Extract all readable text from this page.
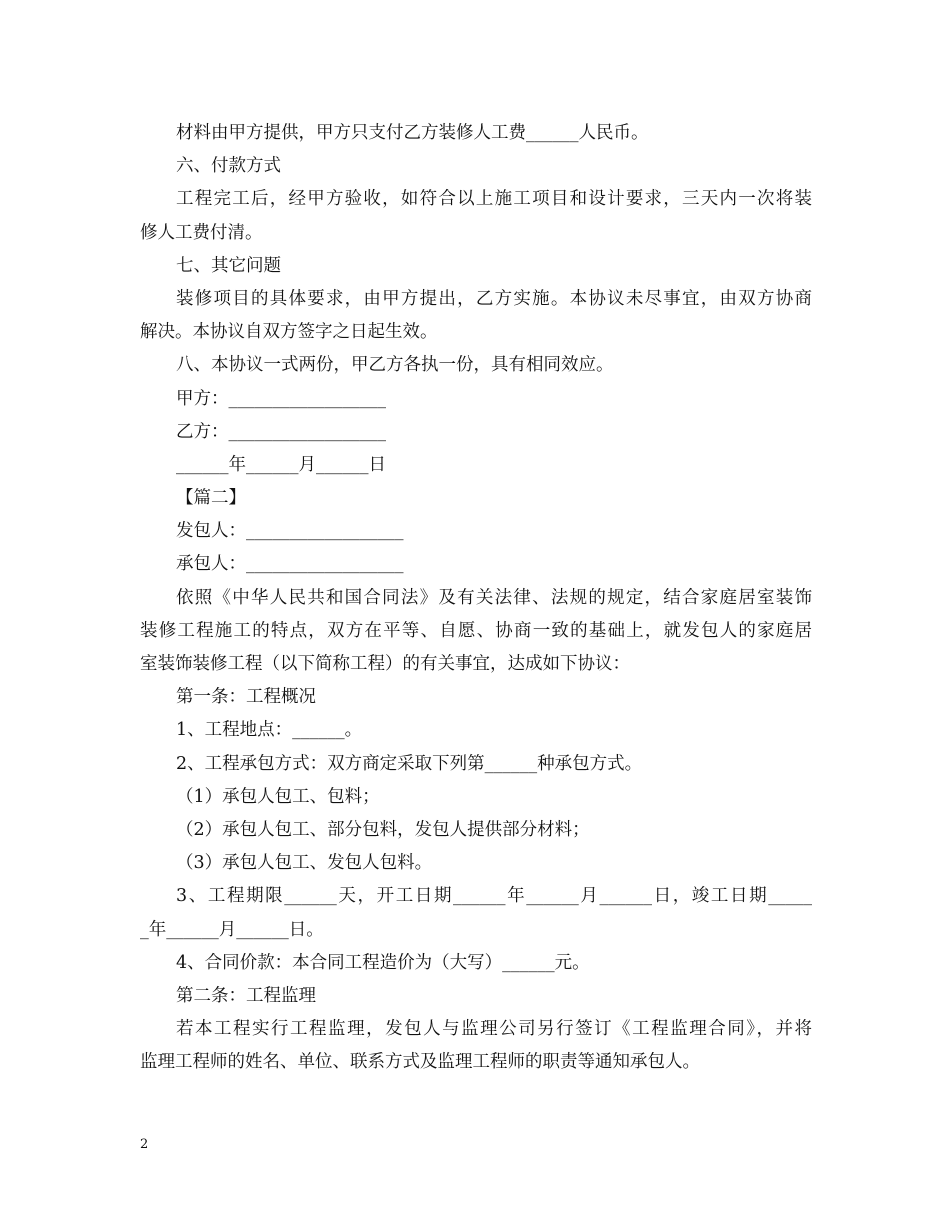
材料由甲方提供，甲方只支付乙方装修人工费______人民币。
六、付款方式
工程完工后，经甲方验收，如符合以上施工项目和设计要求，三天内一次将装
修人工费付清。
七、其它问题
装修项目的具体要求，由甲方提出，乙方实施。本协议未尽事宜，由双方协商
解决。本协议自双方签字之日起生效。
八、本协议一式两份，甲乙方各执一份，具有相同效应。
甲方：__________________
乙方：__________________
______年______月______日
【篇二】
发包人：__________________
承包人：__________________
依照《中华人民共和国合同法》及有关法律、法规的规定，结合家庭居室装饰
装修工程施工的特点，双方在平等、自愿、协商一致的基础上，就发包人的家庭居
室装饰装修工程（以下简称工程）的有关事宜，达成如下协议：
第一条：工程概况
1、工程地点：______。
2、工程承包方式：双方商定采取下列第______种承包方式。
（1）承包人包工、包料；
（2）承包人包工、部分包料，发包人提供部分材料；
（3）承包人包工、发包人包料。
3、工程期限______天，开工日期______年______月______日，竣工日期_____
_年______月______日。
4、合同价款：本合同工程造价为（大写）______元。
第二条：工程监理
若本工程实行工程监理，发包人与监理公司另行签订《工程监理合同》，并将
监理工程师的姓名、单位、联系方式及监理工程师的职责等通知承包人。
2
